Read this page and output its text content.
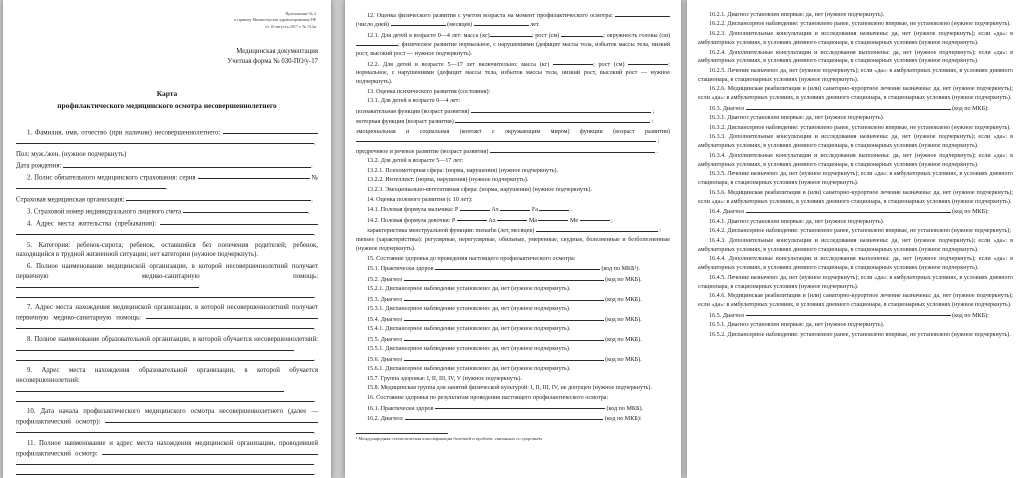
Приложение № 2
к приказу Министерства здравоохранения РФ
от 10 августа 2017 г. № 514н
Медицинская документация
Учетная форма № 030-ПО/у-17
Карта
профилактического медицинского осмотра несовершеннолетнего
1. Фамилия, имя, отчество (при наличии) несовершеннолетнего: .
Пол: муж./жен. (нужное подчеркнуть)
Дата рождения:	.
2. Полис обязательного медицинского страхования: серия	№ .
Страховая медицинская организация:	.
3. Страховой номер индивидуального лицевого счета	.
4. Адрес места жительства (пребывания): .
5. Категория: ребенок-сирота; ребенок, оставшийся без попечения родителей; ребенок, находящийся в трудной жизненной ситуации; нет категории (нужное подчеркнуть).
6. Полное наименование медицинской организации, в которой несовершеннолетний получает первичную медико-санитарную помощь: .
7. Адрес места нахождения медицинской организации, в которой несовершеннолетний получает первичную медико-санитарную помощь: .
8. Полное наименование образовательной организации, в которой обучается несовершеннолетний: .
9. Адрес места нахождения образовательной организации, в которой обучается несовершеннолетний: .
10. Дата начала профилактического медицинского осмотра несовершеннолетнего (далее — профилактический осмотр): .
11. Полное наименование и адрес места нахождения медицинской организации, проводившей профилактический осмотр: .
12. Оценка физического развития с учетом возраста на момент профилактического осмотра:  (число дней)	(месяцев)	лет.
12.1. Для детей в возрасте 0—4 лет: масса (кг)	; рост (см)	; окружность головы (см) ; физическое развитие нормальное, с нарушениями (дефицит массы тела, избыток массы тела, низкий рост, высокий рост — нужное подчеркнуть).
12.2. Для детей в возрасте 5—17 лет включительно: масса (кг)	; рост (см)	: нормальное, с нарушениями (дефицит массы тела, избыток массы тела, низкий рост, высокий рост — нужное подчеркнуть).
13. Оценка психического развития (состояния):
13.1. Для детей в возрасте 0—4 лет:
познавательная функция (возраст развития)	;
моторная функция (возраст развития)	:
эмоциональная и социальная (контакт с окружающим миром) функции (возраст развития)  ;
предречевое и речевое развитие (возраст развития)	.
13.2. Для детей в возрасте 5—17 лет:
13.2.1. Психомоторная сфера: (норма, нарушения) (нужное подчеркнуть).
13.2.2. Интеллект: (норма, нарушения) (нужное подчеркнуть).
13.2.3. Эмоционально-вегетативная сфера: (норма, нарушения) (нужное подчеркнуть).
14. Оценка полового развития (с 10 лет):
14.1. Половая формула мальчика: Р	Ах	Fa	.
14.2. Половая формула девочки: Р	Ах	Ма	Ме	;
характеристика менструальной функции: menarhe (лет, месяцев)	:
menses (характеристика): регулярные, нерегулярные, обильные, умеренные, скудные, болезненные и безболезненные (нужное подчеркнуть).
15. Состояние здоровья до проведения настоящего профилактического осмотра:
15.1. Практически здоров	(код по МКБ¹).
15.2. Диагноз	(код по МКБ).
15.2.1. Диспансерное наблюдение установлено: да, нет (нужное подчеркнуть).
15.3. Диагноз	(код по МКБ).
15.3.1. Диспансерное наблюдение установлено: да, нет (нужное подчеркнуть).
15.4. Диагноз	(код по МКБ).
15.4.1. Диспансерное наблюдение установлено: да, нет (нужное подчеркнуть).
15.5. Диагноз	(код по МКБ).
15.5.1. Диспансерное наблюдение установлено: да, нет (нужное подчеркнуть).
15.6. Диагноз	(код по МКБ).
15.6.1. Диспансерное наблюдение установлено: да, нет (нужное подчеркнуть).
15.7. Группа здоровья: I, II, III, IV, V (нужное подчеркнуть).
15.8. Медицинская группа для занятий физической культурой: I, II, III, IV, не допущен (нужное подчеркнуть).
16. Состояние здоровья по результатам проведения настоящего профилактического осмотра:
16.1. Практически здоров	(код по МКБ).
16.2. Диагноз:	(код по МКБ):
¹ Международная статистическая классификация болезней и проблем, связанных со здоровьем
16.2.1. Диагноз установлен впервые: да, нет (нужное подчеркнуть).
16.2.2. Диспансерное наблюдение: установлено ранее, установлено впервые, не установлено (нужное подчеркнуть).
16.2.3. Дополнительные консультации и исследования назначены: да, нет (нужное подчеркнуть); если «да»: в амбулаторных условиях, в условиях дневного стационара, в стационарных условиях (нужное подчеркнуть).
16.2.4. Дополнительные консультации и исследования выполнены: да, нет (нужное подчеркнуть); если «да»: в амбулаторных условиях, в условиях дневного стационара, в стационарных условиях (нужное подчеркнуть).
16.2.5. Лечение назначено: да, нет (нужное подчеркнуть); если «да»: в амбулаторных условиях, в условиях дневного стационара, в стационарных условиях (нужное подчеркнуть).
16.2.6. Медицинская реабилитация и (или) санаторно-курортное лечение назначены: да, нет (нужное подчеркнуть); если «да»: в амбулаторных условиях, в условиях дневного стационара, в стационарных условиях (нужное подчеркнуть).
16.3. Диагноз	(код по МКБ):
16.3.1. Диагноз установлен впервые: да, нет (нужное подчеркнуть).
16.3.2. Диспансерное наблюдение: установлено ранее, установлено впервые, не установлено (нужное подчеркнуть).
16.3.3. Дополнительные консультации и исследования назначены: да, нет (нужное подчеркнуть); если «да»: в амбулаторных условиях, в условиях дневного стационара, в стационарных условиях (нужное подчеркнуть).
16.3.4. Дополнительные консультации и исследования выполнены: да, нет (нужное подчеркнуть); если «да»: в амбулаторных условиях, в условиях дневного стационара, в стационарных условиях (нужное подчеркнуть).
16.3.5. Лечение назначено: да, нет (нужное подчеркнуть); если «да»: в амбулаторных условиях, в условиях дневного стационара, в стационарных условиях (нужное подчеркнуть).
16.3.6. Медицинская реабилитация и (или) санаторно-курортное лечение назначены: да, нет (нужное подчеркнуть); если «да»: в амбулаторных условиях, в условиях дневного стационара, в стационарных условиях (нужное подчеркнуть).
16.4. Диагноз	(код по МКБ):
16.4.1. Диагноз установлен впервые: да, нет (нужное подчеркнуть).
16.4.2. Диспансерное наблюдение: установлено ранее, установлено впервые, не установлено (нужное подчеркнуть);
16.4.3. Дополнительные консультации и исследования назначены: да, нет (нужное подчеркнуть); если «да»: в амбулаторных условиях, в условиях дневного стационара, в стационарных условиях (нужное подчеркнуть).
16.4.4. Дополнительные консультации и исследования выполнены: да, нет (нужное подчеркнуть); если «да»: в амбулаторных условиях, в условиях дневного стационара, в стационарных условиях (нужное подчеркнуть).
16.4.5. Лечение назначено: да, нет (нужное подчеркнуть); если «да»: в амбулаторных условиях, в условиях дневного стационара, в стационарных условиях (нужное подчеркнуть).
16.4.6. Медицинская реабилитация и (или) санаторно-курортное лечение назначены: да, нет (нужное подчеркнуть); если «да»: в амбулаторных условиях, в условиях дневного стационара, в стационарных условиях (нужное подчеркнуть).
16.5. Диагноз	(код по МКБ):
16.5.1. Диагноз установлен впервые: да, нет (нужное подчеркнуть).
16.5.2. Диспансерное наблюдение: установлено ранее, установлено впервые, не установлено (нужное подчеркнуть).
